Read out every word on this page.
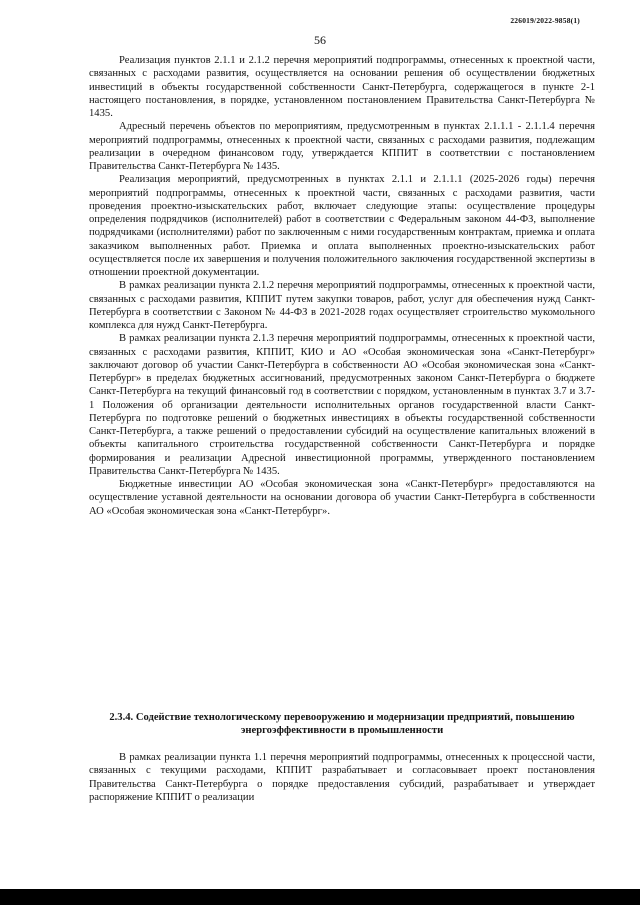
226019/2022-9858(1)
56

Реализация пунктов 2.1.1 и 2.1.2 перечня мероприятий подпрограммы, отнесенных к проектной части, связанных с расходами развития, осуществляется на основании решения об осуществлении бюджетных инвестиций в объекты государственной собственности Санкт-Петербурга, содержащегося в пункте 2-1 настоящего постановления, в порядке, установленном постановлением Правительства Санкт-Петербурга № 1435.

Адресный перечень объектов по мероприятиям, предусмотренным в пунктах 2.1.1.1 - 2.1.1.4 перечня мероприятий подпрограммы, отнесенных к проектной части, связанных с расходами развития, подлежащим реализации в очередном финансовом году, утверждается КППИТ в соответствии с постановлением Правительства Санкт-Петербурга № 1435.

Реализация мероприятий, предусмотренных в пунктах 2.1.1 и 2.1.1.1 (2025-2026 годы) перечня мероприятий подпрограммы, отнесенных к проектной части, связанных с расходами развития, части проведения проектно-изыскательских работ, включает следующие этапы: осуществление процедуры определения подрядчиков (исполнителей) работ в соответствии с Федеральным законом 44-ФЗ, выполнение подрядчиками (исполнителями) работ по заключенным с ними государственным контрактам, приемка и оплата заказчиком выполненных работ. Приемка и оплата выполненных проектно-изыскательских работ осуществляется после их завершения и получения положительного заключения государственной экспертизы в отношении проектной документации.

В рамках реализации пункта 2.1.2 перечня мероприятий подпрограммы, отнесенных к проектной части, связанных с расходами развития, КППИТ путем закупки товаров, работ, услуг для обеспечения нужд Санкт-Петербурга в соответствии с Законом № 44-ФЗ в 2021-2028 годах осуществляет строительство мукомольного комплекса для нужд Санкт-Петербурга.

В рамках реализации пункта 2.1.3 перечня мероприятий подпрограммы, отнесенных к проектной части, связанных с расходами развития, КППИТ, КИО и АО «Особая экономическая зона «Санкт-Петербург» заключают договор об участии Санкт-Петербурга в собственности АО «Особая экономическая зона «Санкт-Петербург» в пределах бюджетных ассигнований, предусмотренных законом Санкт-Петербурга о бюджете Санкт-Петербурга на текущий финансовый год в соответствии с порядком, установленным в пунктах 3.7 и 3.7-1 Положения об организации деятельности исполнительных органов государственной власти Санкт-Петербурга по подготовке решений о бюджетных инвестициях в объекты государственной собственности Санкт-Петербурга, а также решений о предоставлении субсидий на осуществление капитальных вложений в объекты капитального строительства государственной собственности Санкт-Петербурга и порядке формирования и реализации Адресной инвестиционной программы, утвержденного постановлением Правительства Санкт-Петербурга № 1435.

Бюджетные инвестиции АО «Особая экономическая зона «Санкт-Петербург» предоставляются на осуществление уставной деятельности на основании договора об участии Санкт-Петербурга в собственности АО «Особая экономическая зона «Санкт-Петербург».

2.3.4. Содействие технологическому перевооружению и модернизации предприятий, повышению энергоэффективности в промышленности

В рамках реализации пункта 1.1 перечня мероприятий подпрограммы, отнесенных к процессной части, связанных с текущими расходами, КППИТ разрабатывает и согласовывает проект постановления Правительства Санкт-Петербурга о порядке предоставления субсидий, разрабатывает и утверждает распоряжение КППИТ о реализации
